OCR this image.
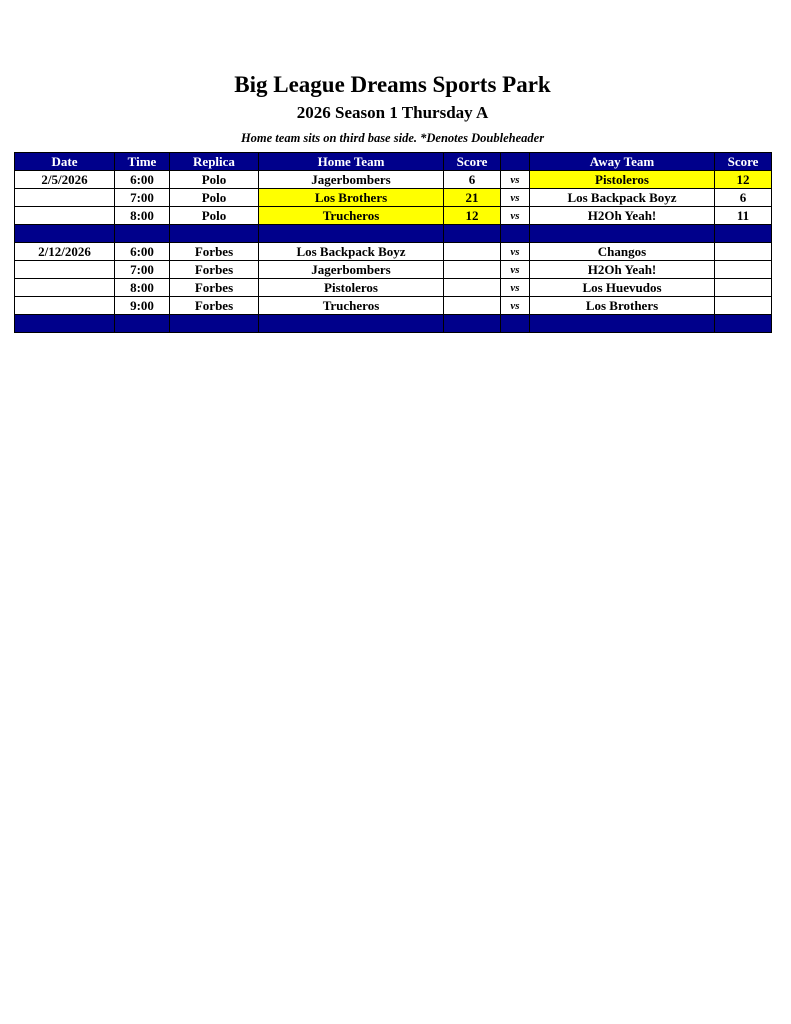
Big League Dreams Sports Park
2026 Season 1 Thursday A
Home team sits on third base side. *Denotes Doubleheader
Date	Time	Replica	Home Team	Score		Away Team	Score
2/5/2026	6:00	Polo	Jagerbombers	6	vs	Pistoleros	12
	7:00	Polo	Los Brothers	21	vs	Los Backpack Boyz	6
	8:00	Polo	Trucheros	12	vs	H2Oh Yeah!	11

2/12/2026	6:00	Forbes	Los Backpack Boyz		vs	Changos	
	7:00	Forbes	Jagerbombers		vs	H2Oh Yeah!	
	8:00	Forbes	Pistoleros		vs	Los Huevudos	
	9:00	Forbes	Trucheros		vs	Los Brothers	
